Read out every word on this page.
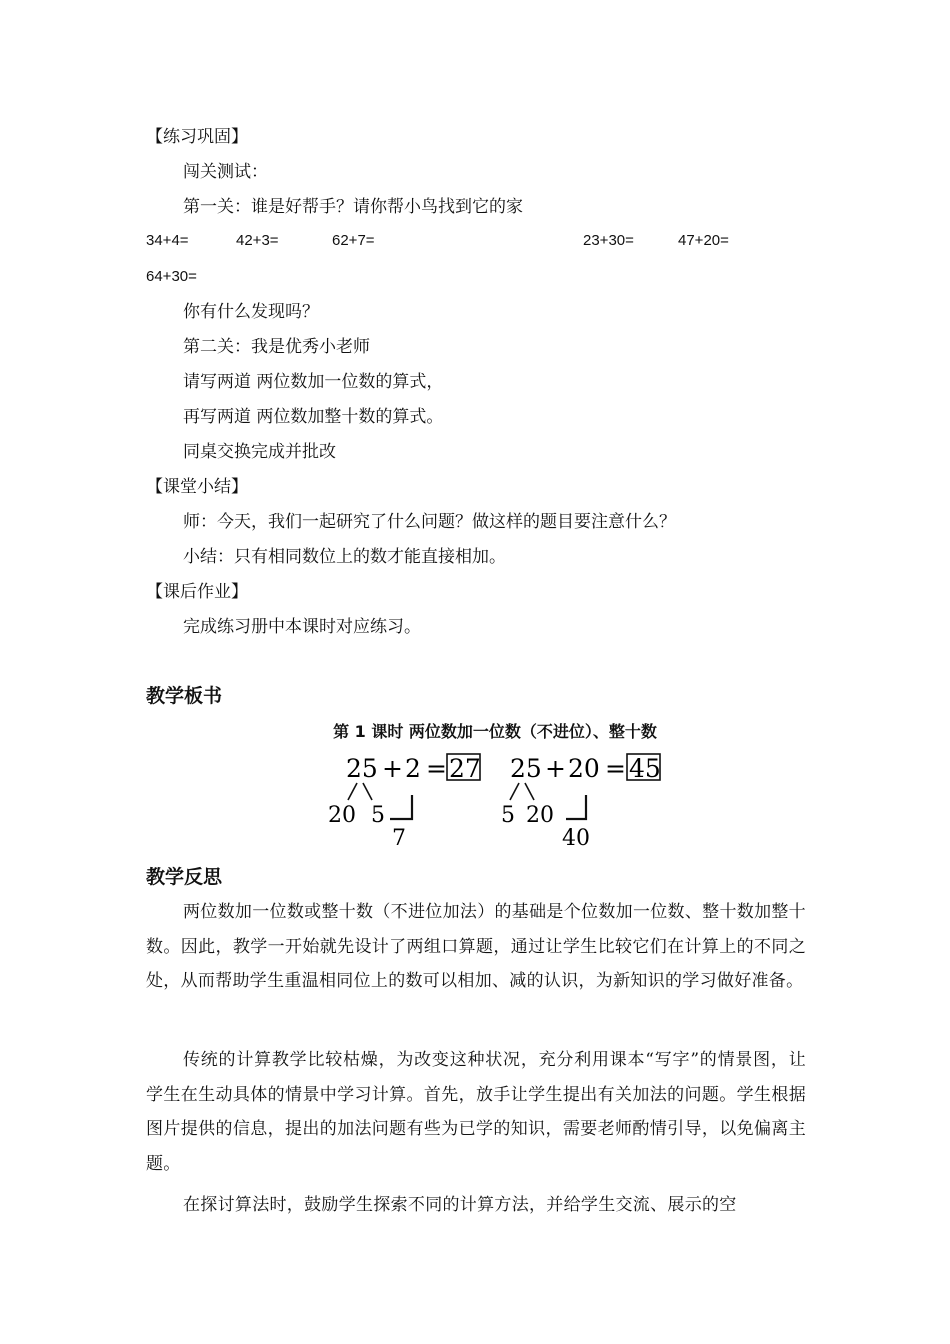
【练习巩固】
闯关测试：
第一关：谁是好帮手？请你帮小鸟找到它的家
34+4=	42+3=	62+7=	23+30=	47+20=
64+30=
你有什么发现吗？
第二关：我是优秀小老师
请写两道 两位数加一位数的算式，
再写两道 两位数加整十数的算式。
同桌交换完成并批改
【课堂小结】
师：今天，我们一起研究了什么问题？做这样的题目要注意什么？
小结：只有相同数位上的数才能直接相加。
【课后作业】
完成练习册中本课时对应练习。
教学板书
第 1 课时 两位数加一位数（不进位）、整十数
25 + 2 = 27
20 5
7
25 + 20 = 45
5 20
40
教学反思
两位数加一位数或整十数（不进位加法）的基础是个位数加一位数、整十数加整十数。因此，教学一开始就先设计了两组口算题，通过让学生比较它们在计算上的不同之处，从而帮助学生重温相同位上的数可以相加、减的认识，为新知识的学习做好准备。
传统的计算教学比较枯燥，为改变这种状况，充分利用课本“写字”的情景图，让学生在生动具体的情景中学习计算。首先，放手让学生提出有关加法的问题。学生根据图片提供的信息，提出的加法问题有些为已学的知识，需要老师酌情引导，以免偏离主题。
在探讨算法时，鼓励学生探索不同的计算方法，并给学生交流、展示的空
